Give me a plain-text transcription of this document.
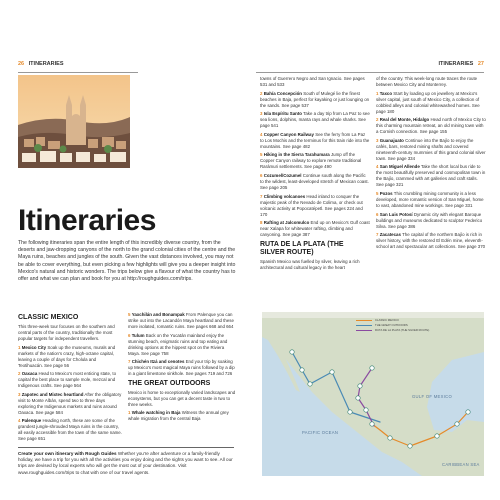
26 ITINERARIES
Itineraries
The following itineraries span the entire length of this incredibly diverse country, from the deserts and jaw-dropping canyons of the north to the grand colonial cities of the centre and the Maya ruins, beaches and jungles of the south. Given the vast distances involved, you may not be able to cover everything, but even picking a few highlights will give you a deeper insight into Mexico's natural and historic wonders. The trips below give a flavour of what the country has to offer and what we can plan and book for you at http://roughguides.com/trips.
CLASSIC MEXICO

This three-week tour focuses on the southern and central parts of the country, traditionally the most popular targets for independent travellers.

1 Mexico City Soak up the museums, murals and markets of the nation's crazy, high-octane capital, leaving a couple of days for Cholula and Teotihuacán. See page 56

2 Oaxaca Head to Mexico's most enticing state, to capital the best place to sample mole, mezcal and Indigenous crafts. See page 564

3 Zapotec and Mixtec heartland After the obligatory visit to Monte Albán, spend two to three days exploring the Indigenous markets and ruins around Oaxaca. See page 584

4 Palenque Heading north, these are some of the grandest jungle-shrouded Maya ruins in the country, all easily accessible from the town of the same name. See page 651

5 Yaxchilán and Bonampak From Palenque you can strike out into the Lacandón Maya heartland and these more isolated, romantic ruins. See pages 668 and 664

6 Tulum Back on the Yucatán mainland enjoy the stunning beach, enigmatic ruins and top eating and drinking options at the hippest spot on the Riviera Maya. See page 758

7 Chichén Itzá and cenotes End your trip by soaking up Mexico's most magical Maya ruins followed by a dip in a giant limestone sinkhole. See pages 719 and 726

THE GREAT OUTDOORS

Mexico is home to exceptionally varied landscapes and ecosystems, but you can get a decent taste in two to three weeks.

1 Whale watching in Baja Witness the annual grey whale migration from the central Baja

Create your own itinerary with Rough Guides Whether you're after adventure or a family-friendly holiday, we have a trip for you with all the activities you enjoy doing and the sights you want to see. All our trips are devised by local experts who will get the most out of your destination. Visit www.roughguides.com/trips to chat with one of our travel agents.
ITINERARIES 27

towns of Guerrero Negro and San Ignacio. See pages 531 and 533

2 Bahía Concepción South of Mulegé lie the finest beaches in Baja, perfect for kayaking or just lounging on the sands. See page 537

3 Isla Espíritu Santo Take a day trip from La Paz to see sea lions, dolphins, manta rays and whale sharks. See page 541

4 Copper Canyon Railway See the ferry from La Paz to Los Mochis and the terminus for this train ride into the mountains. See page 482

5 Hiking in the Sierra Tarahumara Jump off the Copper Canyon railway to explore remote traditional Rarámuri settlements. See page 490

6 Cozumel/Cozumel Continue south along the Pacific to the wildest, least-developed stretch of Mexican coast. See page 205

7 Climbing volcanoes Head inland to conquer the majestic peak of the Nevado de Colima, or check out volcanic activity at Popocatépetl. See pages 224 and 170

8 Rafting at Jalcomulco End up on Mexico's Gulf coast near Xalapa for whitewater rafting, climbing and canyoning. See page 387

RUTA DE LA PLATA (THE SILVER ROUTE)

Spanish Mexico was fuelled by silver, leaving a rich architectural and cultural legacy in the heart

of the country. This week-long route traces the route between Mexico City and Monterrey.

1 Taxco Start by loading up on jewellery at Mexico's silver capital, just south of Mexico City, a collection of cobbled alleys and colonial whitewashed homes. See page 180

2 Real del Monte, Hidalgo Head north of Mexico City to this charming mountain retreat, an old mining town with a Cornish connection. See page 155

3 Guanajuato Continue into the Bajío to enjoy the cafés, bars, restored mining shafts and covered nineteenth-century mummies of this grand colonial silver town. See page 334

4 San Miguel Allende Take the short local bus ride to the most beautifully preserved and cosmopolitan town in the Bajío, crammed with art galleries and craft stalls. See page 321

5 Pozos This crumbling mining community is a less developed, more romantic version of San Miguel, home to vast, abandoned mine workings. See page 331

6 San Luis Potosí Dynamic city with elegant Baroque buildings and museums dedicated to sculptor Federico Silva. See page 386

7 Zacatecas The capital of the northern Bajío is rich in silver history, with the restored El Edén mine, eleventh-school art and spectacular art collections. See page 370

PACIFIC OCEAN
GULF OF MEXICO
CARIBBEAN SEA
CLASSIC MEXICO
THE GREAT OUTDOORS
RUTA DE LA PLATA (THE SILVER ROUTE)
